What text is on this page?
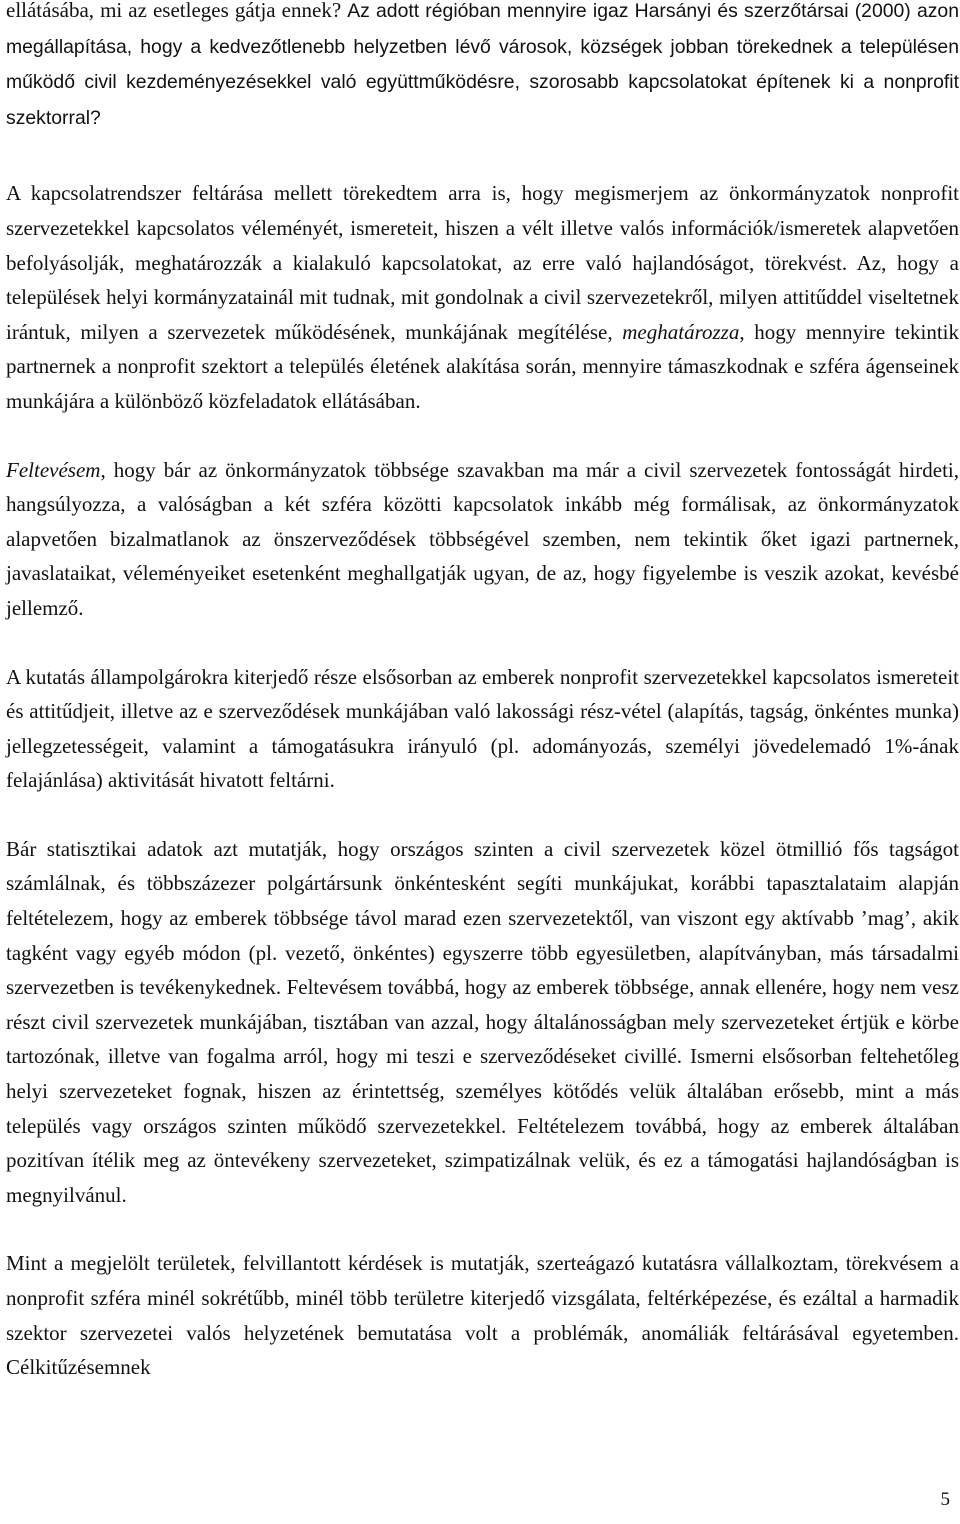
ellátásába, mi az esetleges gátja ennek? Az adott régióban mennyire igaz Harsányi és szerzőtársai (2000) azon megállapítása, hogy a kedvezőtlenebb helyzetben lévő városok, községek jobban törekednek a településen működő civil kezdeményezésekkel való együttműködésre, szorosabb kapcsolatokat építenek ki a nonprofit szektorral?

A kapcsolatrendszer feltárása mellett törekedtem arra is, hogy megismerjem az önkormányzatok nonprofit szervezetekkel kapcsolatos véleményét, ismereteit, hiszen a vélt illetve valós információk/ismeretek alapvetően befolyásolják, meghatározzák a kialakuló kapcsolatokat, az erre való hajlandóságot, törekvést. Az, hogy a települések helyi kormányzatainál mit tudnak, mit gondolnak a civil szervezetekről, milyen attitűddel viseltetnek irántuk, milyen a szervezetek működésének, munkájának megítélése, meghatározza, hogy mennyire tekintik partnernek a nonprofit szektort a település életének alakítása során, mennyire támaszkodnak e szféra ágenseinek munkájára a különböző közfeladatok ellátásában.

Feltevésem, hogy bár az önkormányzatok többsége szavakban ma már a civil szervezetek fontosságát hirdeti, hangsúlyozza, a valóságban a két szféra közötti kapcsolatok inkább még formálisak, az önkormányzatok alapvetően bizalmatlanok az önszerveződések többségével szemben, nem tekintik őket igazi partnernek, javaslataikat, véleményeiket esetenként meghallgatják ugyan, de az, hogy figyelembe is veszik azokat, kevésbé jellemző.

A kutatás állampolgárokra kiterjedő része elsősorban az emberek nonprofit szervezetekkel kapcsolatos ismereteit és attitűdjeit, illetve az e szerveződések munkájában való lakossági rész-vétel (alapítás, tagság, önkéntes munka) jellegzetességeit, valamint a támogatásukra irányuló (pl. adományozás, személyi jövedelemadó 1%-ának felajánlása) aktivitását hivatott feltárni.

Bár statisztikai adatok azt mutatják, hogy országos szinten a civil szervezetek közel ötmillió fős tagságot számlálnak, és többszázezer polgártársunk önkéntesként segíti munkájukat, korábbi tapasztalataim alapján feltételezem, hogy az emberek többsége távol marad ezen szervezetektől, van viszont egy aktívabb ’mag’, akik tagként vagy egyéb módon (pl. vezető, önkéntes) egyszerre több egyesületben, alapítványban, más társadalmi szervezetben is tevékenykednek. Feltevésem továbbá, hogy az emberek többsége, annak ellenére, hogy nem vesz részt civil szervezetek munkájában, tisztában van azzal, hogy általánosságban mely szervezeteket értjük e körbe tartozónak, illetve van fogalma arról, hogy mi teszi e szerveződéseket civillé. Ismerni elsősorban feltehetőleg helyi szervezeteket fognak, hiszen az érintettség, személyes kötődés velük általában erősebb, mint a más település vagy országos szinten működő szervezetekkel. Feltételezem továbbá, hogy az emberek általában pozitívan ítélik meg az öntevékeny szervezeteket, szimpatizálnak velük, és ez a támogatási hajlandóságban is megnyilvánul.

Mint a megjelölt területek, felvillantott kérdések is mutatják, szerteágazó kutatásra vállalkoztam, törekvésem a nonprofit szféra minél sokrétűbb, minél több területre kiterjedő vizsgálata, feltérképezése, és ezáltal a harmadik szektor szervezetei valós helyzetének bemutatása volt a problémák, anomáliák feltárásával egyetemben. Célkitűzésemnek

5
